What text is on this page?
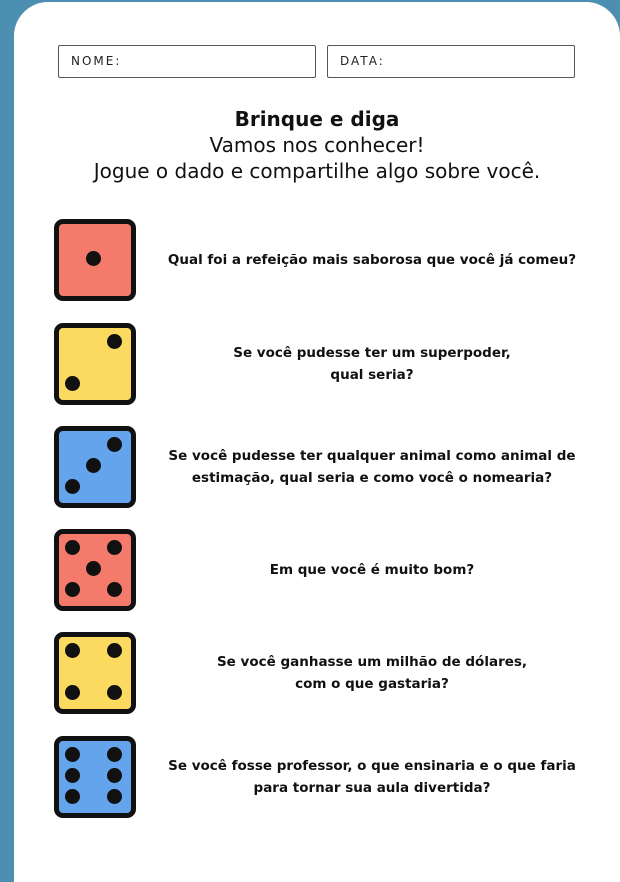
NOME:	DATA:
Brinque e diga
Vamos nos conhecer!
Jogue o dado e compartilhe algo sobre você.
Qual foi a refeição mais saborosa que você já comeu?
Se você pudesse ter um superpoder,
qual seria?
Se você pudesse ter qualquer animal como animal de
estimação, qual seria e como você o nomearia?
Em que você é muito bom?
Se você ganhasse um milhão de dólares,
com o que gastaria?
Se você fosse professor, o que ensinaria e o que faria
para tornar sua aula divertida?
